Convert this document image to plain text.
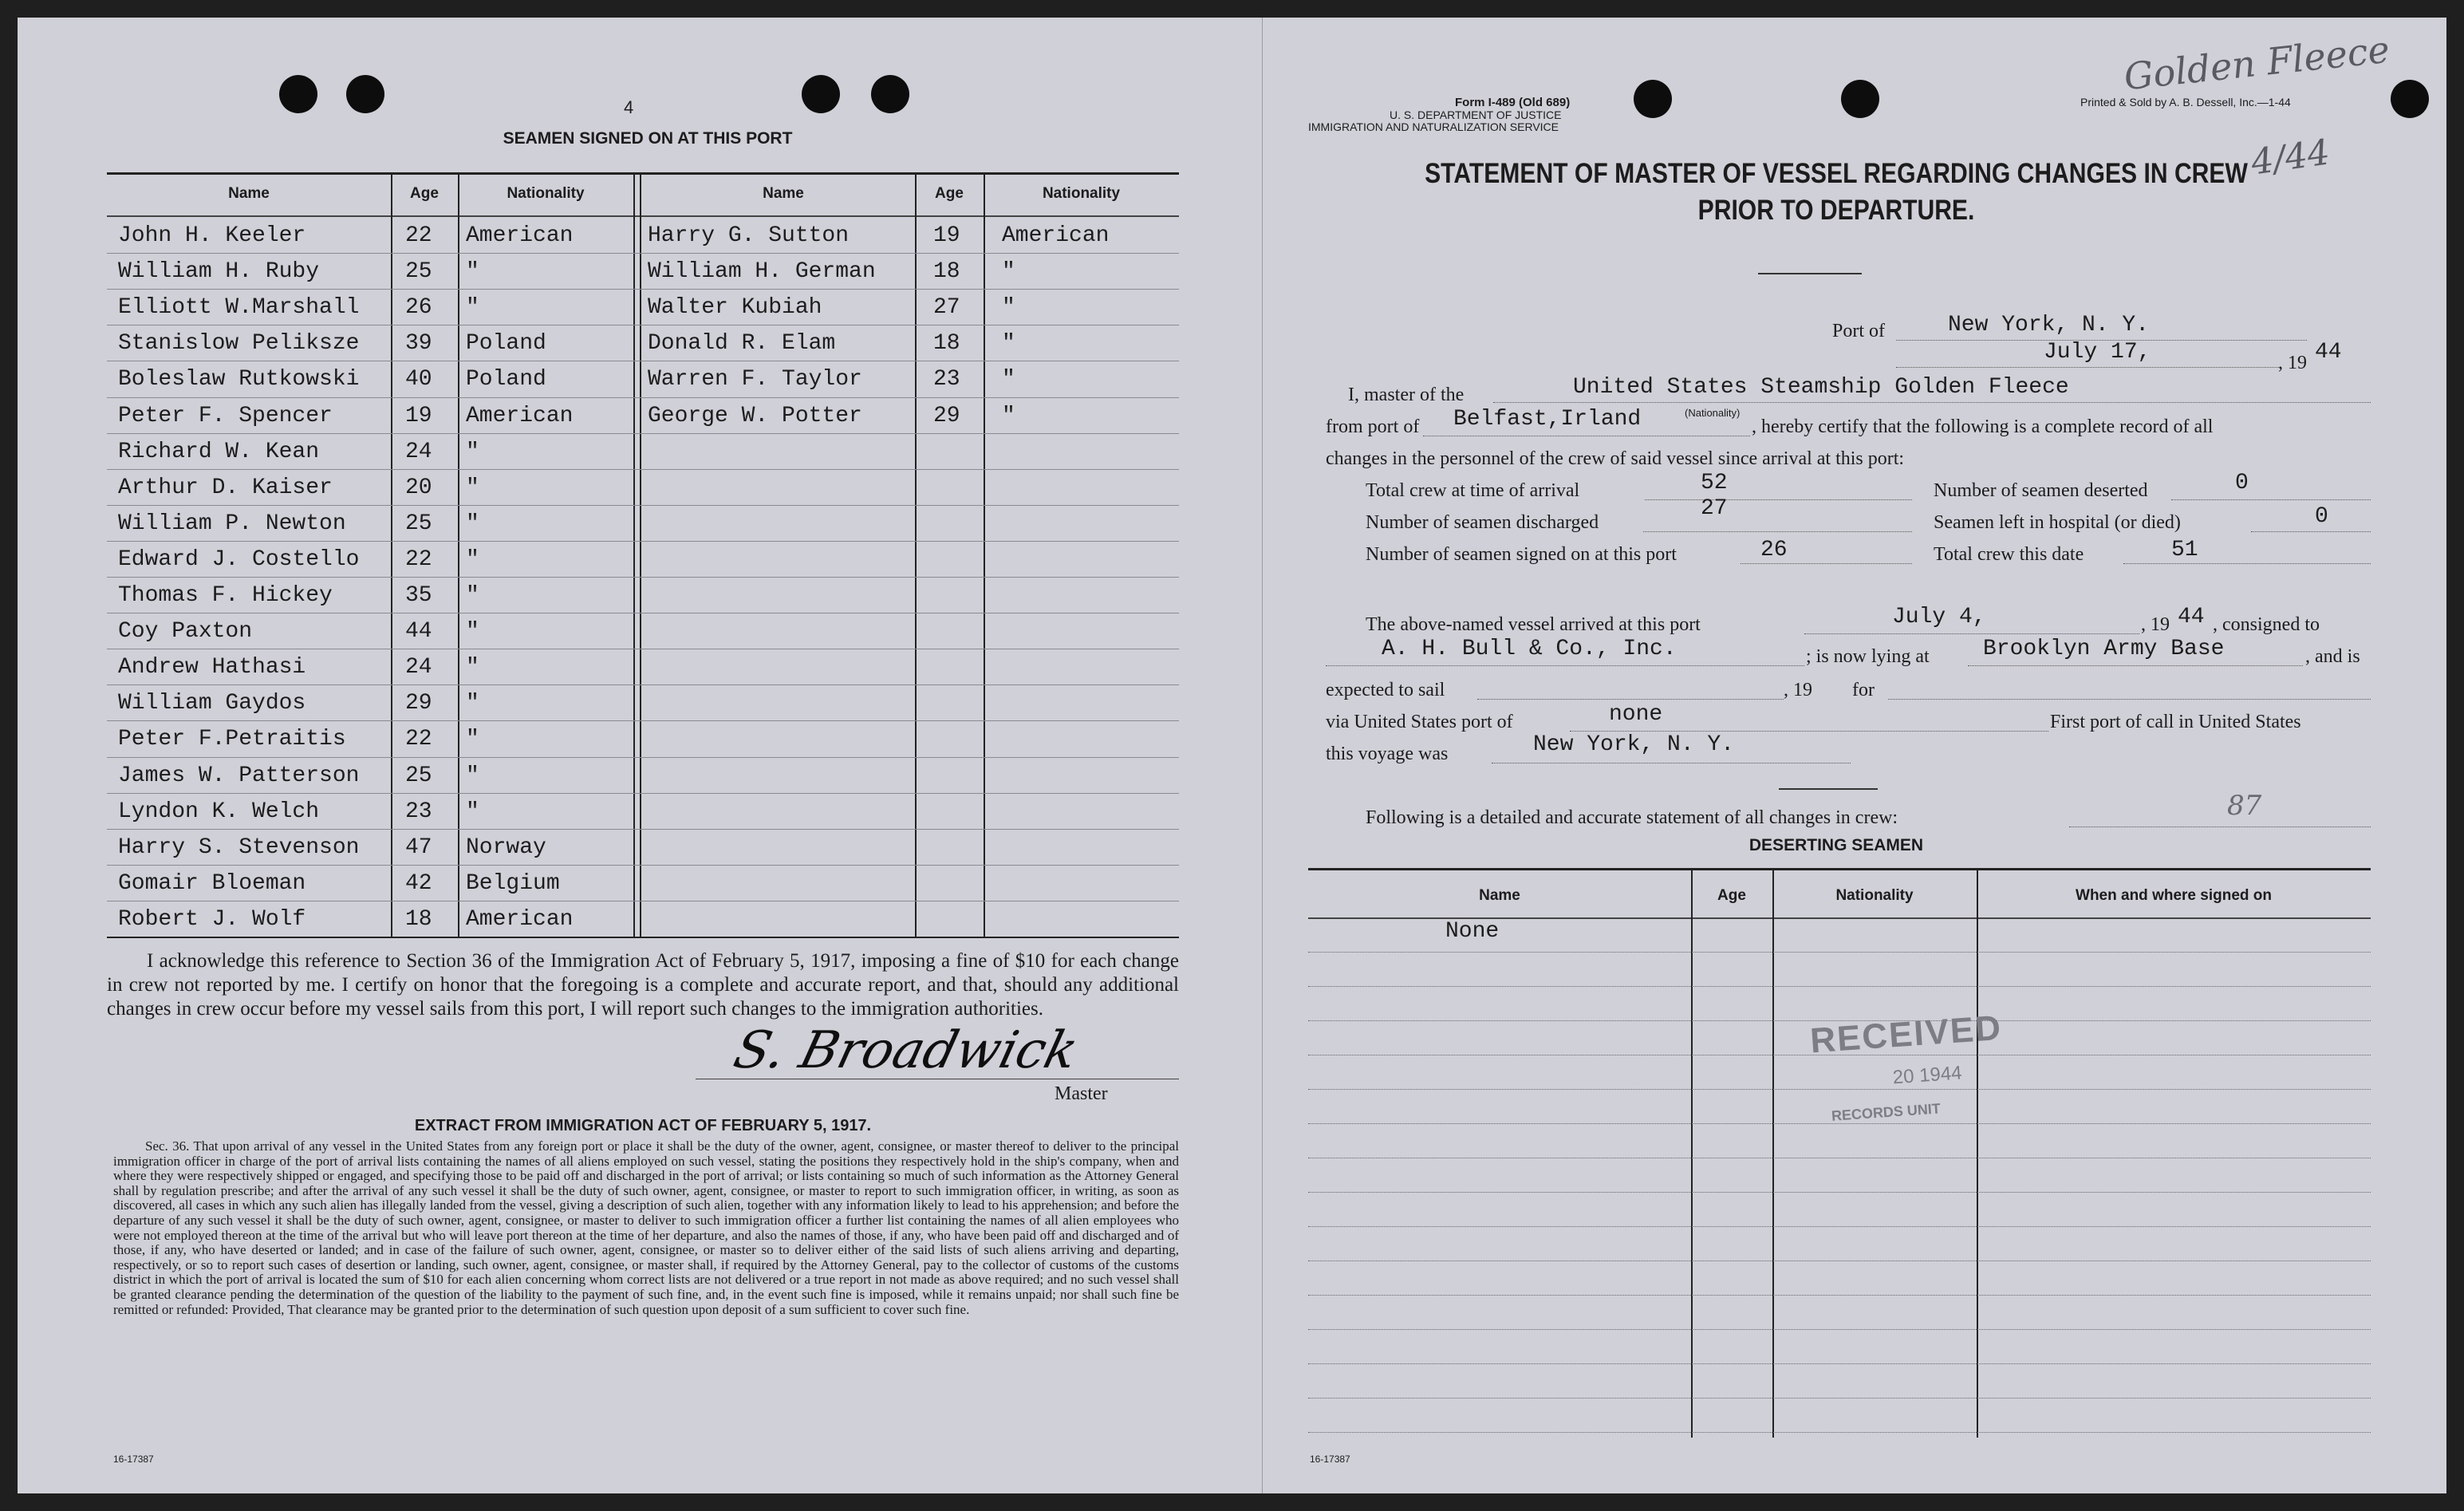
4
SEAMEN SIGNED ON AT THIS PORT
Name	Age	Nationality	Name	Age	Nationality
John H. Keeler	22 American
William H. Ruby	25 "
Elliott W.Marshall 26 "
Stanislow Peliksze 39 Poland
Boleslaw Rutkowski 40 Poland
Peter F. Spencer	19 American
Richard W. Kean	24 "
Arthur D. Kaiser	20 "
William P. Newton	25 "
Edward J. Costello 22 "
Thomas F. Hickey	35 "
Coy Paxton	44 "
Andrew Hathasi	24 "
William Gaydos	29 "
Peter F.Petraitis	22 "
James W. Patterson 25 "
Lyndon K. Welch	23 "
Harry S. Stevenson 47 Norway
Gomair Bloeman	42 Belgium
Robert J. Wolf	18 American
Harry G. Sutton	19 American
William H. German	18 "
Walter Kubiah	27 "
Donald R. Elam	18 "
Warren F. Taylor	23 "
George W. Potter	29 "
I acknowledge this reference to Section 36 of the Immigration Act of February 5, 1917, imposing a fine of $10 for each change in crew not reported by me. I certify on honor that the foregoing is a complete and accurate report, and that, should any additional changes in crew occur before my vessel sails from this port, I will report such changes to the immigration authorities.
S. Broadwick
Master
EXTRACT FROM IMMIGRATION ACT OF FEBRUARY 5, 1917.
Sec. 36. That upon arrival of any vessel in the United States from any foreign port or place it shall be the duty of the owner, agent, consignee, or master thereof to deliver to the principal immigration officer in charge of the port of arrival lists containing the names of all aliens employed on such vessel, stating the positions they respectively hold in the ship's company, when and where they were respectively shipped or engaged, and specifying those to be paid off and discharged in the port of arrival; or lists containing so much of such information as the Attorney General shall by regulation prescribe; and after the arrival of any such vessel it shall be the duty of such owner, agent, consignee, or master to report to such immigration officer, in writing, as soon as discovered, all cases in which any such alien has illegally landed from the vessel, giving a description of such alien, together with any information likely to lead to his apprehension; and before the departure of any such vessel it shall be the duty of such owner, agent, consignee, or master to deliver to such immigration officer a further list containing the names of all alien employees who were not employed thereon at the time of the arrival but who will leave port thereon at the time of her departure, and also the names of those, if any, who have been paid off and discharged and of those, if any, who have deserted or landed; and in case of the failure of such owner, agent, consignee, or master so to deliver either of the said lists of such aliens arriving and departing, respectively, or so to report such cases of desertion or landing, such owner, agent, consignee, or master shall, if required by the Attorney General, pay to the collector of customs of the customs district in which the port of arrival is located the sum of $10 for each alien concerning whom correct lists are not delivered or a true report in not made as above required; and no such vessel shall be granted clearance pending the determination of the question of the liability to the payment of such fine, and, in the event such fine is imposed, while it remains unpaid; nor shall such fine be remitted or refunded: Provided, That clearance may be granted prior to the determination of such question upon deposit of a sum sufficient to cover such fine.
16-17387
Form I-489 (Old 689)
U. S. DEPARTMENT OF JUSTICE
IMMIGRATION AND NATURALIZATION SERVICE
Printed & Sold by A. B. Dessell, Inc.—1-44
Golden Fleece
4/44
STATEMENT OF MASTER OF VESSEL REGARDING CHANGES IN CREW
PRIOR TO DEPARTURE.
Port of	New York, N. Y.
July 17,	, 19 44
I, master of the	United States Steamship Golden Fleece
(Nationality)
from port of Belfast,Irland	, hereby certify that the following is a complete record of all
changes in the personnel of the crew of said vessel since arrival at this port:
Total crew at time of arrival	52	Number of seamen deserted	0
Number of seamen discharged
27
Seamen left in hospital (or died)	0
Number of seamen signed on at this port	26	Total crew this date	51
The above-named vessel arrived at this port	July 4,	, 19 44 , consigned to
A. H. Bull & Co., Inc.	; is now lying at Brooklyn Army Base	, and is
expected to sail	, 19 for
via United States port of	none	First port of call in United States
this voyage was	New York, N. Y.
Following is a detailed and accurate statement of all changes in crew:	87
DESERTING SEAMEN
Name	Age	Nationality	When and where signed on
None
RECEIVED
20 1944
RECORDS UNIT
16-17387
